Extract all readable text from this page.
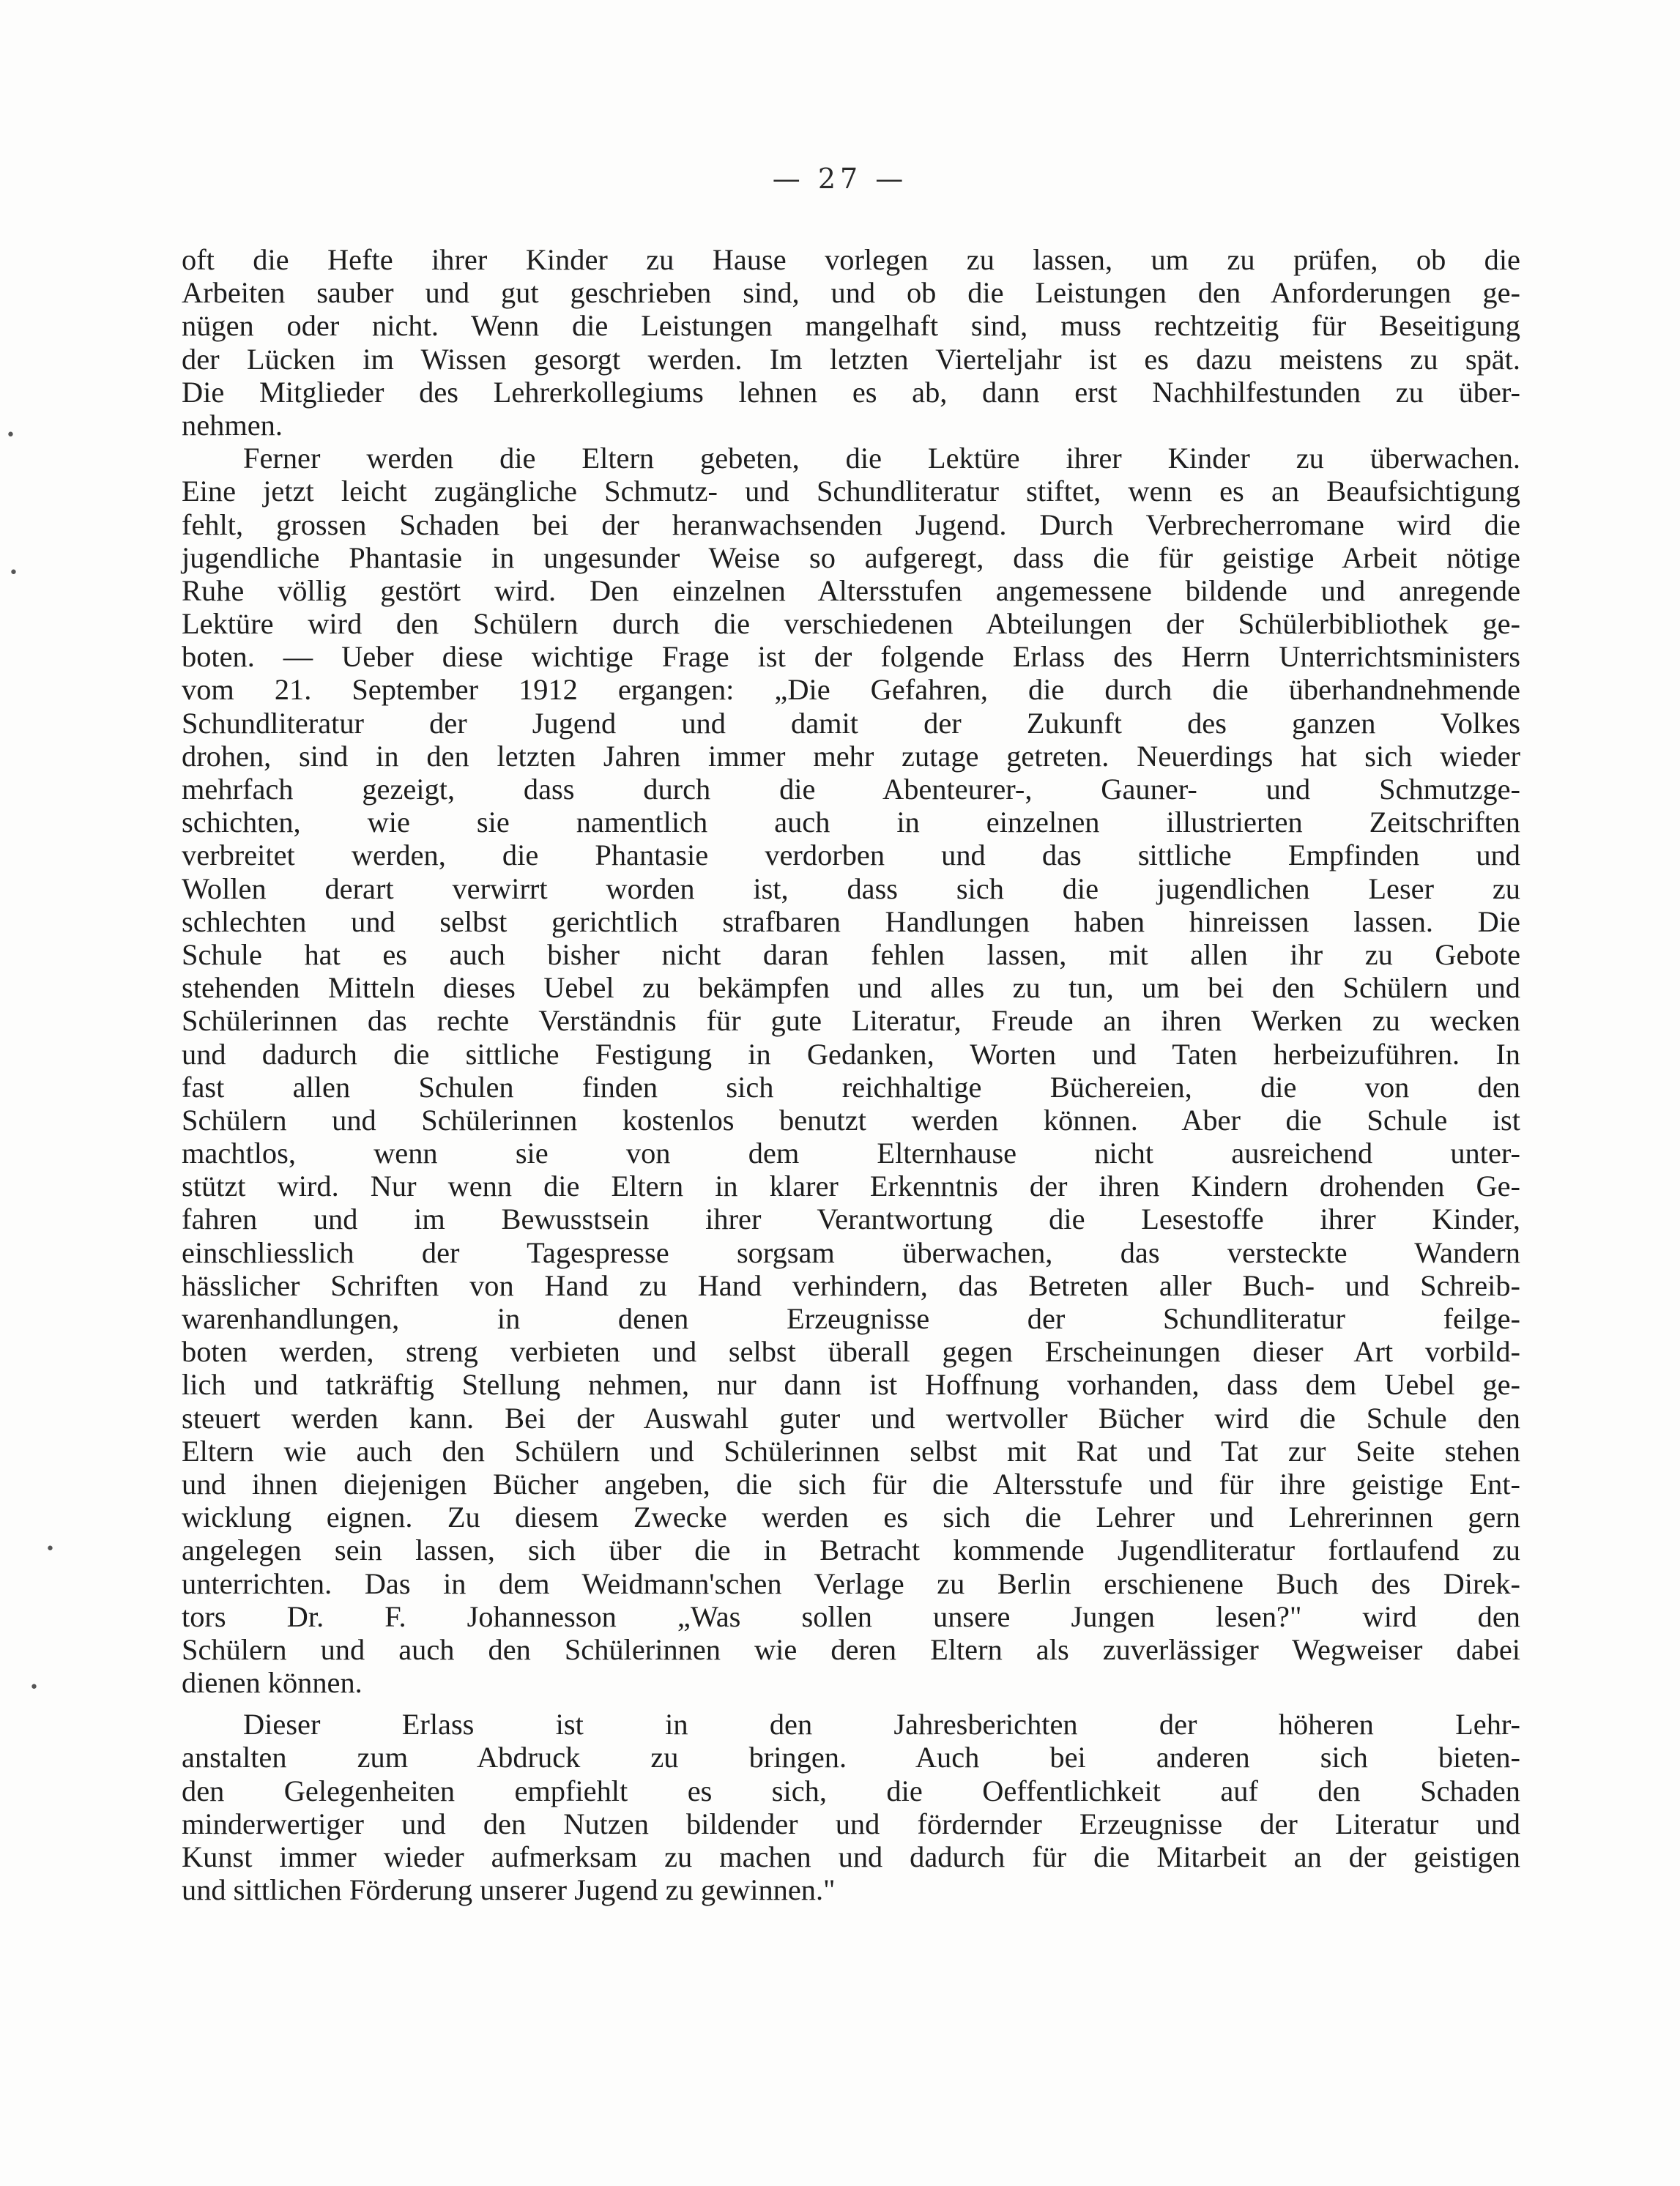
— 27 —
oft die Hefte ihrer Kinder zu Hause vorlegen zu lassen, um zu prüfen, ob die
Arbeiten sauber und gut geschrieben sind, und ob die Leistungen den Anforderungen ge-
nügen oder nicht. Wenn die Leistungen mangelhaft sind, muss rechtzeitig für Beseitigung
der Lücken im Wissen gesorgt werden. Im letzten Vierteljahr ist es dazu meistens zu spät.
Die Mitglieder des Lehrerkollegiums lehnen es ab, dann erst Nachhilfestunden zu über-
nehmen.
Ferner werden die Eltern gebeten, die Lektüre ihrer Kinder zu überwachen.
Eine jetzt leicht zugängliche Schmutz- und Schundliteratur stiftet, wenn es an Beaufsichtigung
fehlt, grossen Schaden bei der heranwachsenden Jugend. Durch Verbrecherromane wird die
jugendliche Phantasie in ungesunder Weise so aufgeregt, dass die für geistige Arbeit nötige
Ruhe völlig gestört wird. Den einzelnen Altersstufen angemessene bildende und anregende
Lektüre wird den Schülern durch die verschiedenen Abteilungen der Schülerbibliothek ge-
boten. — Ueber diese wichtige Frage ist der folgende Erlass des Herrn Unterrichtsministers
vom 21. September 1912 ergangen: „Die Gefahren, die durch die überhandnehmende
Schundliteratur der Jugend und damit der Zukunft des ganzen Volkes
drohen, sind in den letzten Jahren immer mehr zutage getreten. Neuerdings hat sich wieder
mehrfach gezeigt, dass durch die Abenteurer-, Gauner- und Schmutzge-
schichten, wie sie namentlich auch in einzelnen illustrierten Zeitschriften
verbreitet werden, die Phantasie verdorben und das sittliche Empfinden und
Wollen derart verwirrt worden ist, dass sich die jugendlichen Leser zu
schlechten und selbst gerichtlich strafbaren Handlungen haben hinreissen lassen. Die
Schule hat es auch bisher nicht daran fehlen lassen, mit allen ihr zu Gebote
stehenden Mitteln dieses Uebel zu bekämpfen und alles zu tun, um bei den Schülern und
Schülerinnen das rechte Verständnis für gute Literatur, Freude an ihren Werken zu wecken
und dadurch die sittliche Festigung in Gedanken, Worten und Taten herbeizuführen. In
fast allen Schulen finden sich reichhaltige Büchereien, die von den
Schülern und Schülerinnen kostenlos benutzt werden können. Aber die Schule ist
machtlos, wenn sie von dem Elternhause nicht ausreichend unter-
stützt wird. Nur wenn die Eltern in klarer Erkenntnis der ihren Kindern drohenden Ge-
fahren und im Bewusstsein ihrer Verantwortung die Lesestoffe ihrer Kinder,
einschliesslich der Tagespresse sorgsam überwachen, das versteckte Wandern
hässlicher Schriften von Hand zu Hand verhindern, das Betreten aller Buch- und Schreib-
warenhandlungen, in denen Erzeugnisse der Schundliteratur feilge-
boten werden, streng verbieten und selbst überall gegen Erscheinungen dieser Art vorbild-
lich und tatkräftig Stellung nehmen, nur dann ist Hoffnung vorhanden, dass dem Uebel ge-
steuert werden kann. Bei der Auswahl guter und wertvoller Bücher wird die Schule den
Eltern wie auch den Schülern und Schülerinnen selbst mit Rat und Tat zur Seite stehen
und ihnen diejenigen Bücher angeben, die sich für die Altersstufe und für ihre geistige Ent-
wicklung eignen. Zu diesem Zwecke werden es sich die Lehrer und Lehrerinnen gern
angelegen sein lassen, sich über die in Betracht kommende Jugendliteratur fortlaufend zu
unterrichten. Das in dem Weidmann'schen Verlage zu Berlin erschienene Buch des Direk-
tors Dr. F. Johannesson „Was sollen unsere Jungen lesen?" wird den
Schülern und auch den Schülerinnen wie deren Eltern als zuverlässiger Wegweiser dabei
dienen können.
Dieser Erlass ist in den Jahresberichten der höheren Lehr-
anstalten zum Abdruck zu bringen. Auch bei anderen sich bieten-
den Gelegenheiten empfiehlt es sich, die Oeffentlichkeit auf den Schaden
minderwertiger und den Nutzen bildender und fördernder Erzeugnisse der Literatur und
Kunst immer wieder aufmerksam zu machen und dadurch für die Mitarbeit an der geistigen
und sittlichen Förderung unserer Jugend zu gewinnen."
•
•
•
•
